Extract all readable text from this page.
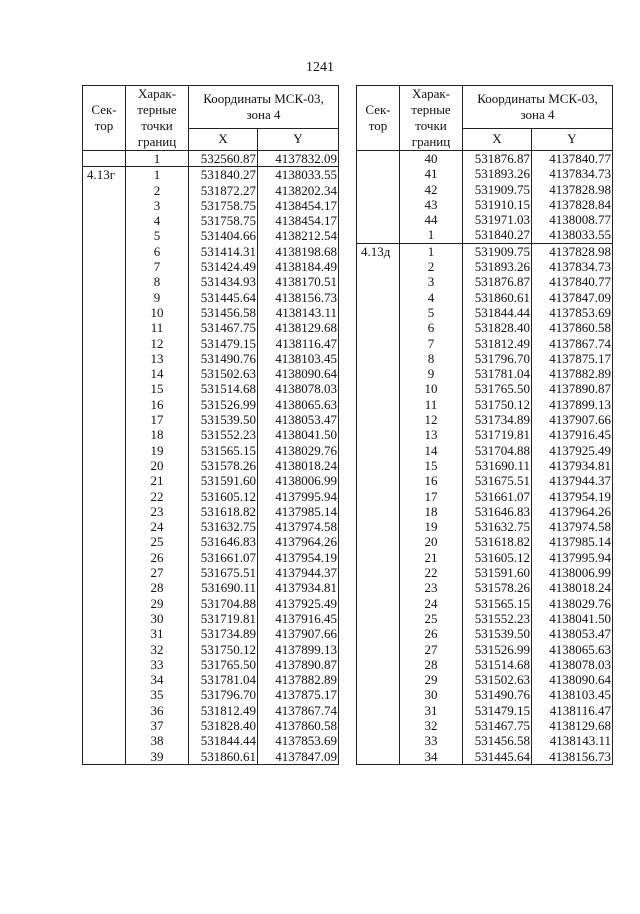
1241
Сек-тор	Харак-терные точки границ	Координаты МСК-03, зона 4	
		X	Y
	1	532560.87	4137832.09
4.13г	1	531840.27	4138033.55
	2	531872.27	4138202.34
	3	531758.75	4138454.17
	4	531758.75	4138454.17
	5	531404.66	4138212.54
	6	531414.31	4138198.68
	7	531424.49	4138184.49
	8	531434.93	4138170.51
	9	531445.64	4138156.73
	10	531456.58	4138143.11
	11	531467.75	4138129.68
	12	531479.15	4138116.47
	13	531490.76	4138103.45
	14	531502.63	4138090.64
	15	531514.68	4138078.03
	16	531526.99	4138065.63
	17	531539.50	4138053.47
	18	531552.23	4138041.50
	19	531565.15	4138029.76
	20	531578.26	4138018.24
	21	531591.60	4138006.99
	22	531605.12	4137995.94
	23	531618.82	4137985.14
	24	531632.75	4137974.58
	25	531646.83	4137964.26
	26	531661.07	4137954.19
	27	531675.51	4137944.37
	28	531690.11	4137934.81
	29	531704.88	4137925.49
	30	531719.81	4137916.45
	31	531734.89	4137907.66
	32	531750.12	4137899.13
	33	531765.50	4137890.87
	34	531781.04	4137882.89
	35	531796.70	4137875.17
	36	531812.49	4137867.74
	37	531828.40	4137860.58
	38	531844.44	4137853.69
	39	531860.61	4137847.09
Сек-тор	Харак-терные точки границ	Координаты МСК-03, зона 4	
		X	Y
	40	531876.87	4137840.77
	41	531893.26	4137834.73
	42	531909.75	4137828.98
	43	531910.15	4137828.84
	44	531971.03	4138008.77
	1	531840.27	4138033.55
4.13д	1	531909.75	4137828.98
	2	531893.26	4137834.73
	3	531876.87	4137840.77
	4	531860.61	4137847.09
	5	531844.44	4137853.69
	6	531828.40	4137860.58
	7	531812.49	4137867.74
	8	531796.70	4137875.17
	9	531781.04	4137882.89
	10	531765.50	4137890.87
	11	531750.12	4137899.13
	12	531734.89	4137907.66
	13	531719.81	4137916.45
	14	531704.88	4137925.49
	15	531690.11	4137934.81
	16	531675.51	4137944.37
	17	531661.07	4137954.19
	18	531646.83	4137964.26
	19	531632.75	4137974.58
	20	531618.82	4137985.14
	21	531605.12	4137995.94
	22	531591.60	4138006.99
	23	531578.26	4138018.24
	24	531565.15	4138029.76
	25	531552.23	4138041.50
	26	531539.50	4138053.47
	27	531526.99	4138065.63
	28	531514.68	4138078.03
	29	531502.63	4138090.64
	30	531490.76	4138103.45
	31	531479.15	4138116.47
	32	531467.75	4138129.68
	33	531456.58	4138143.11
	34	531445.64	4138156.73
